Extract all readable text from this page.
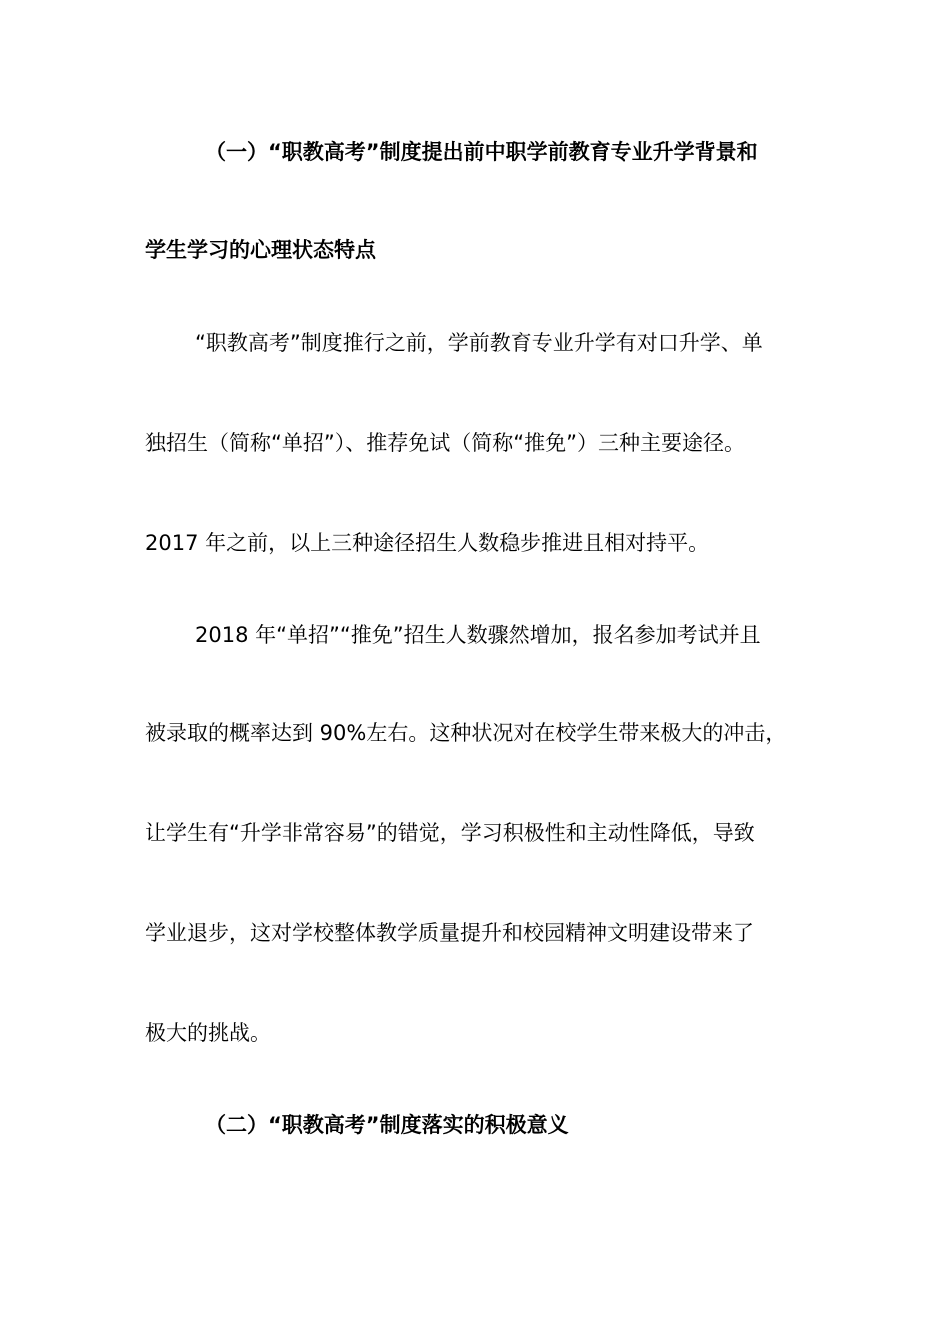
（一）“职教高考”制度提出前中职学前教育专业升学背景和
学生学习的心理状态特点
“职教高考”制度推行之前，学前教育专业升学有对口升学、单
独招生（简称“单招”）、推荐免试（简称“推免”）三种主要途径。
2017 年之前，以上三种途径招生人数稳步推进且相对持平。
2018 年“单招”“推免”招生人数骤然增加，报名参加考试并且
被录取的概率达到 90%左右。这种状况对在校学生带来极大的冲击，
让学生有“升学非常容易”的错觉，学习积极性和主动性降低，导致
学业退步，这对学校整体教学质量提升和校园精神文明建设带来了
极大的挑战。
（二）“职教高考”制度落实的积极意义
